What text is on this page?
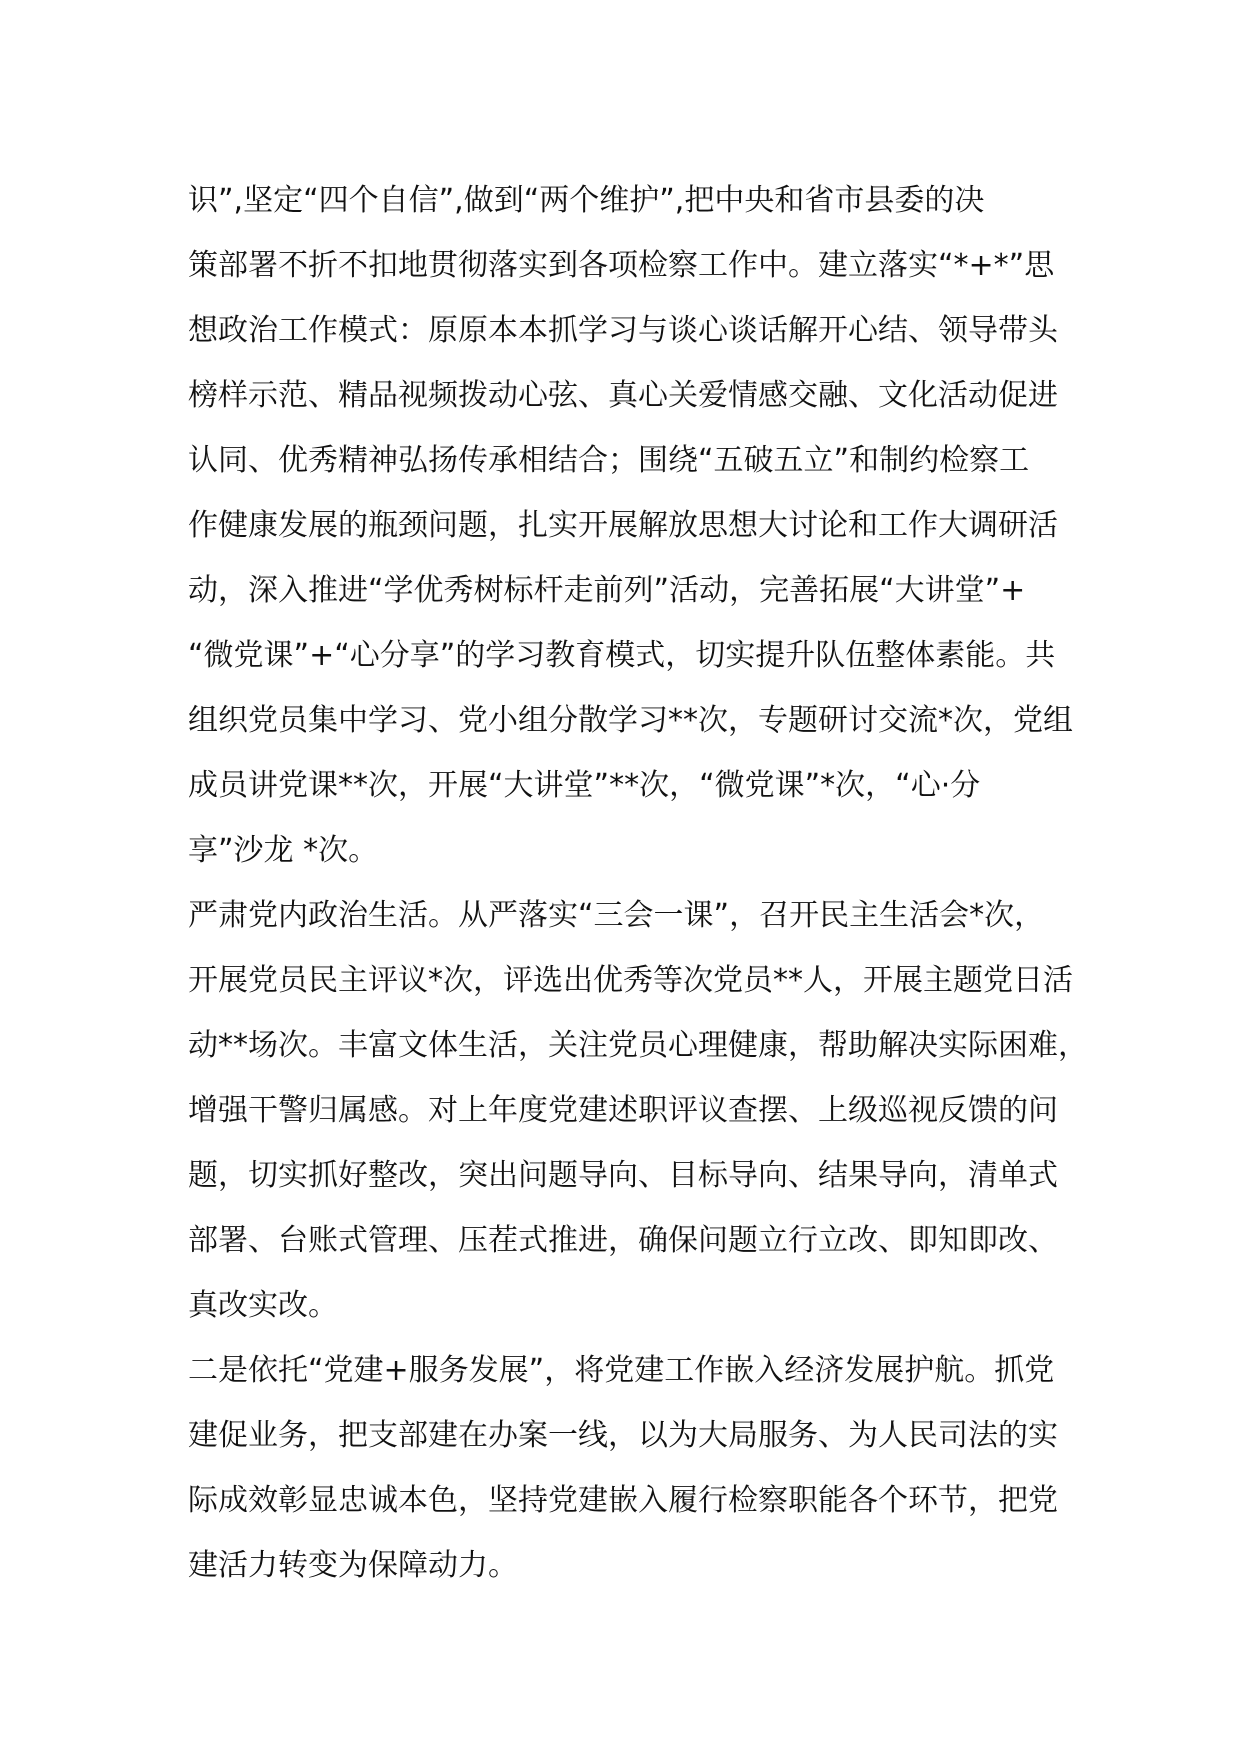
识”,坚定“四个自信”,做到“两个维护”,把中央和省市县委的决

策部署不折不扣地贯彻落实到各项检察工作中。建立落实“*+*”思

想政治工作模式：原原本本抓学习与谈心谈话解开心结、领导带头

榜样示范、精品视频拨动心弦、真心关爱情感交融、文化活动促进

认同、优秀精神弘扬传承相结合；围绕“五破五立”和制约检察工

作健康发展的瓶颈问题，扎实开展解放思想大讨论和工作大调研活

动，深入推进“学优秀树标杆走前列”活动，完善拓展“大讲堂”+

“微党课”+“心分享”的学习教育模式，切实提升队伍整体素能。共

组织党员集中学习、党小组分散学习**次，专题研讨交流*次，党组

成员讲党课**次，开展“大讲堂”**次，“微党课”*次，“心·分

享”沙龙 *次。

严肃党内政治生活。从严落实“三会一课”，召开民主生活会*次，

开展党员民主评议*次，评选出优秀等次党员**人，开展主题党日活

动**场次。丰富文体生活，关注党员心理健康，帮助解决实际困难，

增强干警归属感。对上年度党建述职评议查摆、上级巡视反馈的问

题，切实抓好整改，突出问题导向、目标导向、结果导向，清单式

部署、台账式管理、压茬式推进，确保问题立行立改、即知即改、

真改实改。

二是依托“党建+服务发展”，将党建工作嵌入经济发展护航。抓党

建促业务，把支部建在办案一线，以为大局服务、为人民司法的实

际成效彰显忠诚本色，坚持党建嵌入履行检察职能各个环节，把党

建活力转变为保障动力。
